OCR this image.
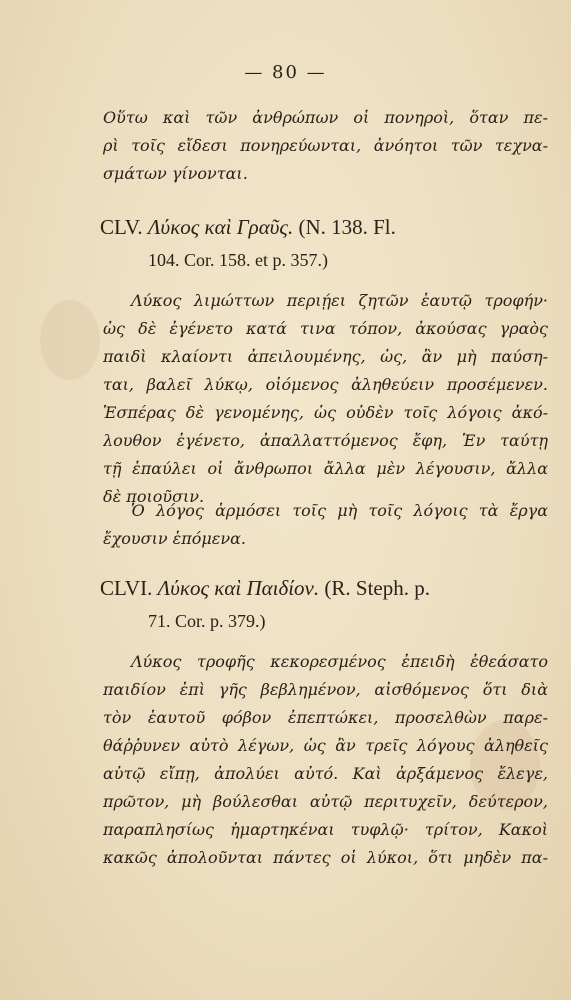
— 80 —

Οὕτω καὶ τῶν ἀνθρώπων οἱ πονηροὶ, ὅταν πε-
ρὶ τοῖς εἴδεσι πονηρεύωνται, ἀνόητοι τῶν τεχνα-
σμάτων γίνονται.

CLV. Λύκος καὶ Γραῦς. (N. 138. Fl.
104. Cor. 158. et p. 357.)

Λύκος λιμώττων περιῄει ζητῶν ἑαυτῷ τροφήν·
ὡς δὲ ἐγένετο κατά τινα τόπον, ἀκούσας γραὸς
παιδὶ κλαίοντι ἀπειλουμένης, ὡς, ἂν μὴ παύση-
ται, βαλεῖ λύκῳ, οἰόμενος ἀληθεύειν προσέμενεν.
Ἑσπέρας δὲ γενομένης, ὡς οὐδὲν τοῖς λόγοις ἀκό-
λουθον ἐγένετο, ἀπαλλαττόμενος ἔφη, Ἐν ταύτῃ
τῇ ἐπαύλει οἱ ἄνθρωποι ἄλλα μὲν λέγουσιν, ἄλλα
δὲ ποιοῦσιν.

Ὁ λόγος ἁρμόσει τοῖς μὴ τοῖς λόγοις τὰ ἔργα
ἔχουσιν ἑπόμενα.

CLVI. Λύκος καὶ Παιδίον. (R. Steph. p.
71. Cor. p. 379.)

Λύκος τροφῆς κεκορεσμένος ἐπειδὴ ἐθεάσατο
παιδίον ἐπὶ γῆς βεβλημένον, αἰσθόμενος ὅτι διὰ
τὸν ἑαυτοῦ φόβον ἐπεπτώκει, προσελθὼν παρε-
θάῤῥυνεν αὐτὸ λέγων, ὡς ἂν τρεῖς λόγους ἀληθεῖς
αὐτῷ εἴπῃ, ἀπολύει αὐτό. Καὶ ἀρξάμενος ἔλεγε,
πρῶτον, μὴ βούλεσθαι αὐτῷ περιτυχεῖν, δεύτερον,
παραπλησίως ἡμαρτηκέναι τυφλῷ· τρίτον, Κακοὶ
κακῶς ἀπολοῦνται πάντες οἱ λύκοι, ὅτι μηδὲν πα-
